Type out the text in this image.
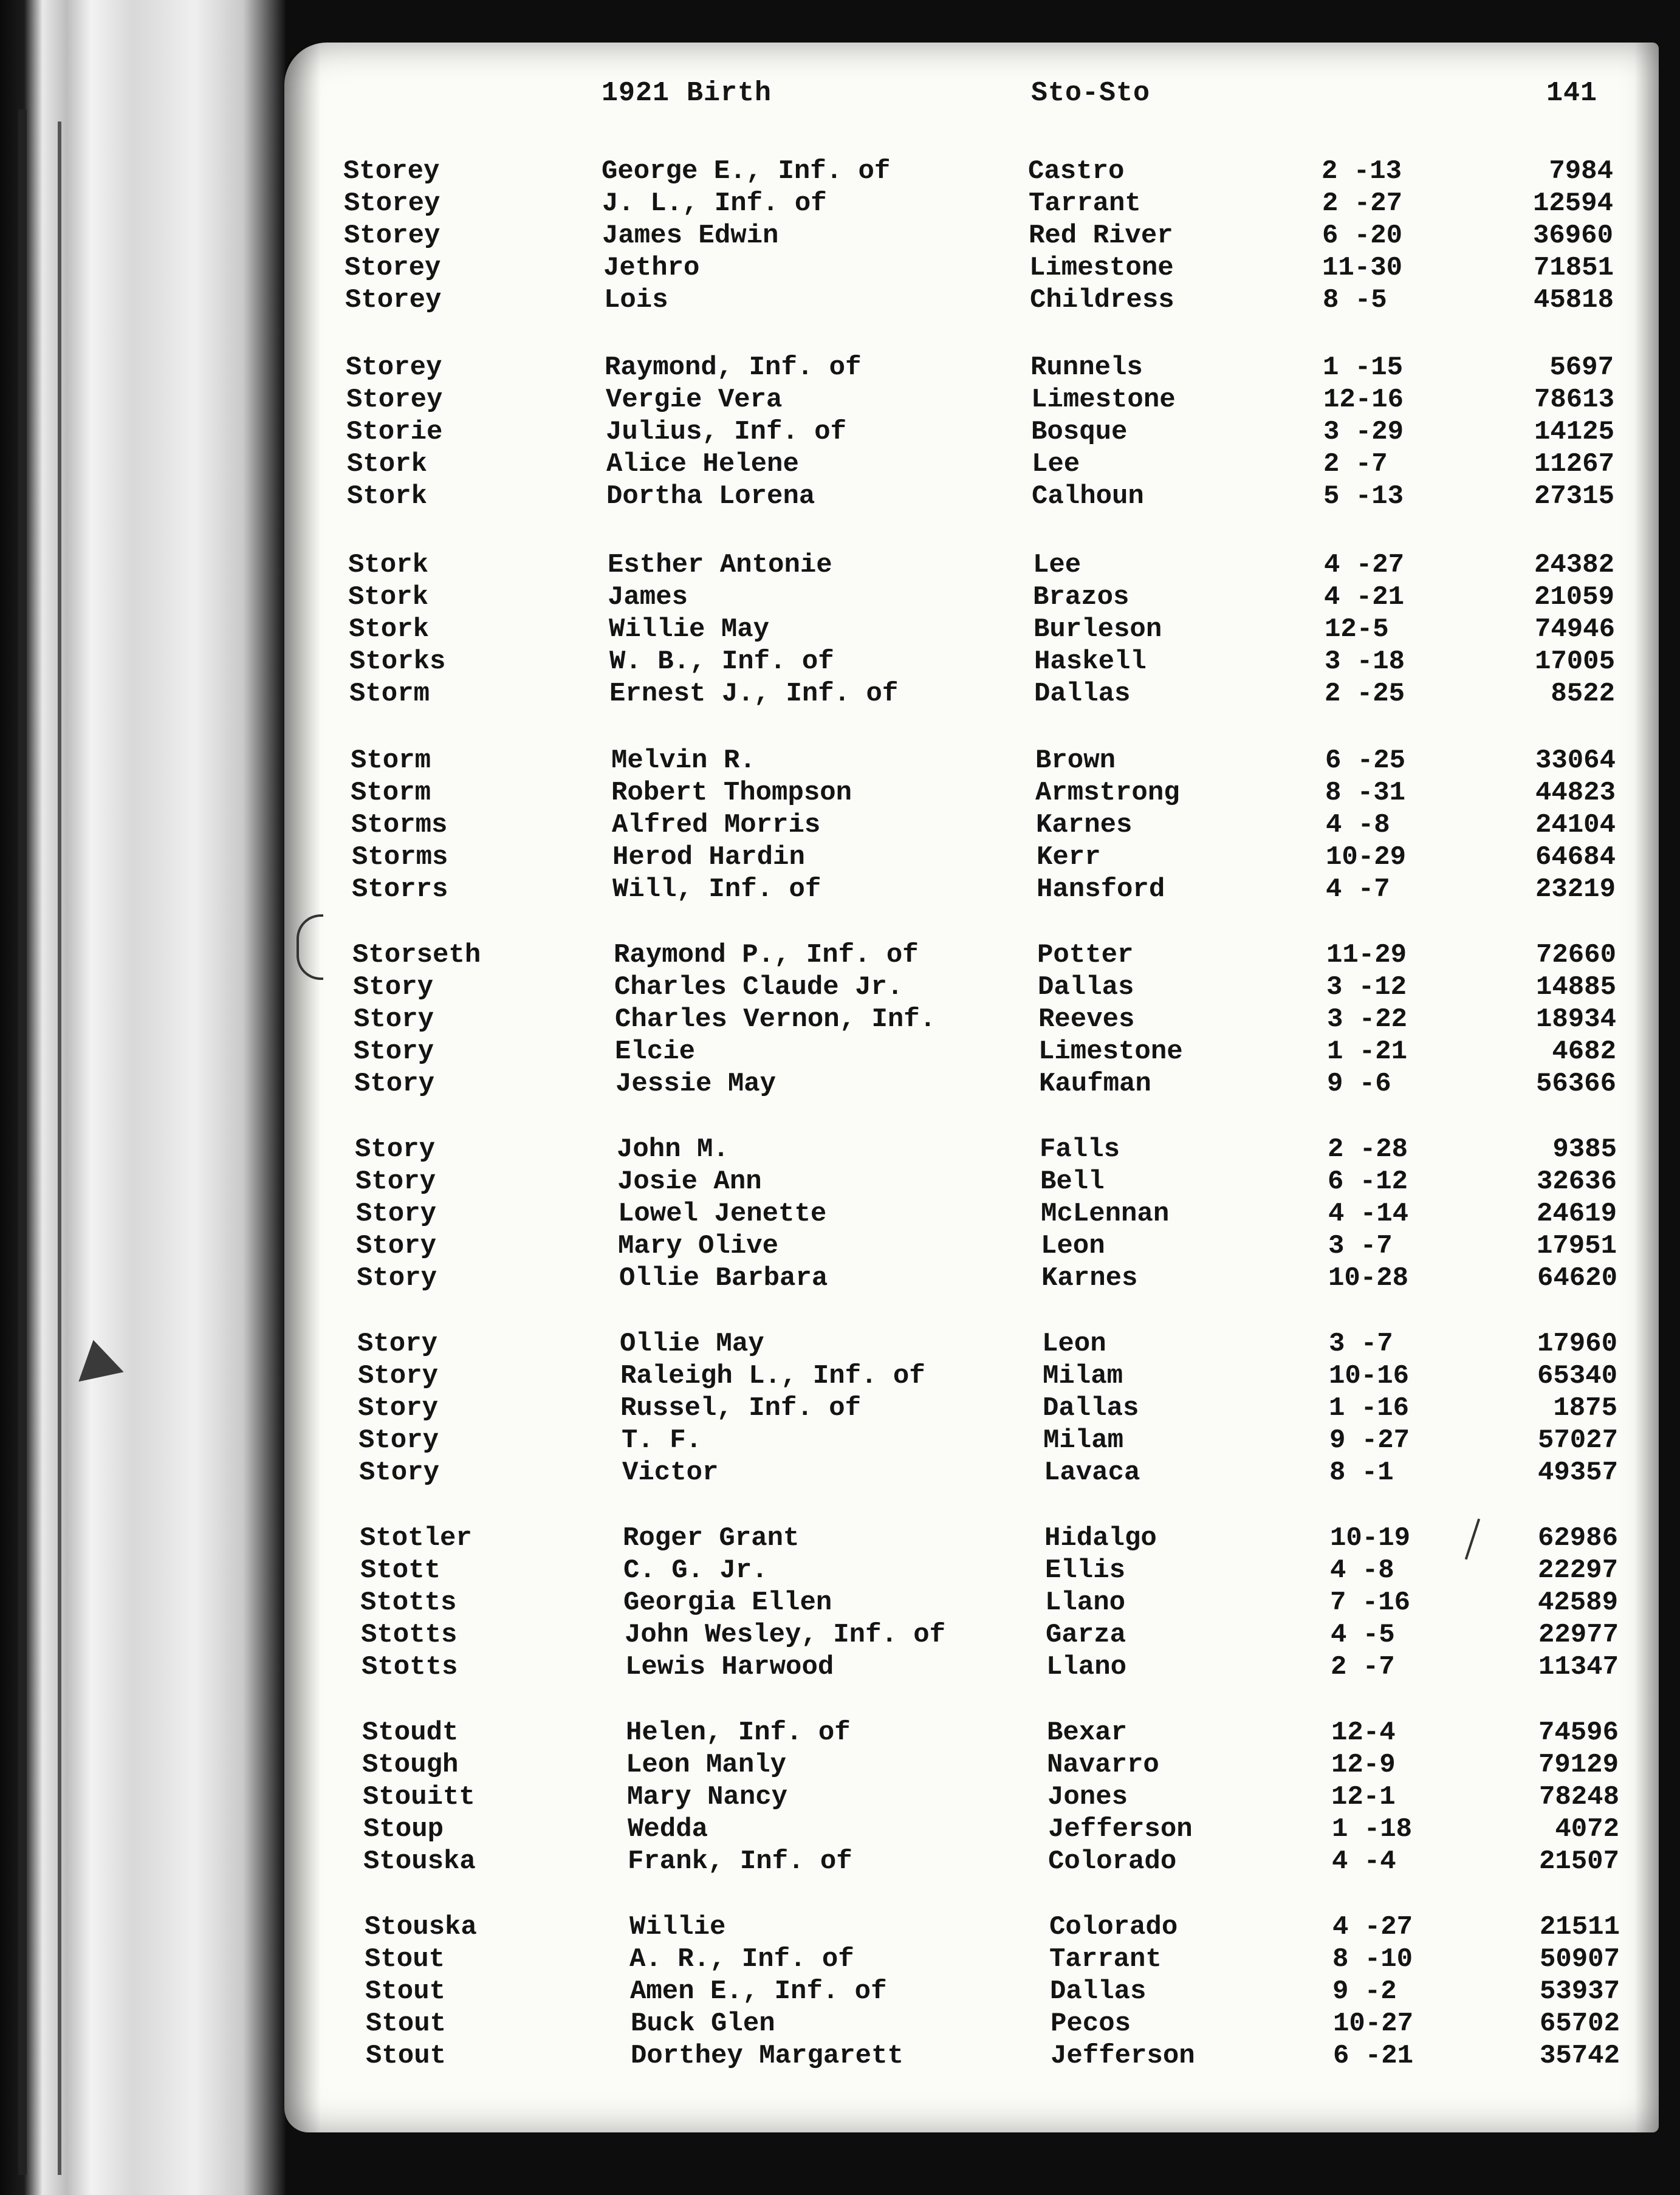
1921 Birth	Sto-Sto	141
Storey	George E., Inf. of	Castro	2 -13	7984
Storey	J. L., Inf. of	Tarrant	2 -27	12594
Storey	James Edwin	Red River	6 -20	36960
Storey	Jethro	Limestone	11-30	71851
Storey	Lois	Childress	8 -5	45818
Storey	Raymond, Inf. of	Runnels	1 -15	5697
Storey	Vergie Vera	Limestone	12-16	78613
Storie	Julius, Inf. of	Bosque	3 -29	14125
Stork	Alice Helene	Lee	2 -7	11267
Stork	Dortha Lorena	Calhoun	5 -13	27315
Stork	Esther Antonie	Lee	4 -27	24382
Stork	James	Brazos	4 -21	21059
Stork	Willie May	Burleson	12-5	74946
Storks	W. B., Inf. of	Haskell	3 -18	17005
Storm	Ernest J., Inf. of	Dallas	2 -25	8522
Storm	Melvin R.	Brown	6 -25	33064
Storm	Robert Thompson	Armstrong	8 -31	44823
Storms	Alfred Morris	Karnes	4 -8	24104
Storms	Herod Hardin	Kerr	10-29	64684
Storrs	Will, Inf. of	Hansford	4 -7	23219
Storseth	Raymond P., Inf. of	Potter	11-29	72660
Story	Charles Claude Jr.	Dallas	3 -12	14885
Story	Charles Vernon, Inf.	Reeves	3 -22	18934
Story	Elcie	Limestone	1 -21	4682
Story	Jessie May	Kaufman	9 -6	56366
Story	John M.	Falls	2 -28	9385
Story	Josie Ann	Bell	6 -12	32636
Story	Lowel Jenette	McLennan	4 -14	24619
Story	Mary Olive	Leon	3 -7	17951
Story	Ollie Barbara	Karnes	10-28	64620
Story	Ollie May	Leon	3 -7	17960
Story	Raleigh L., Inf. of	Milam	10-16	65340
Story	Russel, Inf. of	Dallas	1 -16	1875
Story	T. F.	Milam	9 -27	57027
Story	Victor	Lavaca	8 -1	49357
Stotler	Roger Grant	Hidalgo	10-19	62986
Stott	C. G. Jr.	Ellis	4 -8	22297
Stotts	Georgia Ellen	Llano	7 -16	42589
Stotts	John Wesley, Inf. of	Garza	4 -5	22977
Stotts	Lewis Harwood	Llano	2 -7	11347
Stoudt	Helen, Inf. of	Bexar	12-4	74596
Stough	Leon Manly	Navarro	12-9	79129
Stouitt	Mary Nancy	Jones	12-1	78248
Stoup	Wedda	Jefferson	1 -18	4072
Stouska	Frank, Inf. of	Colorado	4 -4	21507
Stouska	Willie	Colorado	4 -27	21511
Stout	A. R., Inf. of	Tarrant	8 -10	50907
Stout	Amen E., Inf. of	Dallas	9 -2	53937
Stout	Buck Glen	Pecos	10-27	65702
Stout	Dorthey Margarett	Jefferson	6 -21	35742
